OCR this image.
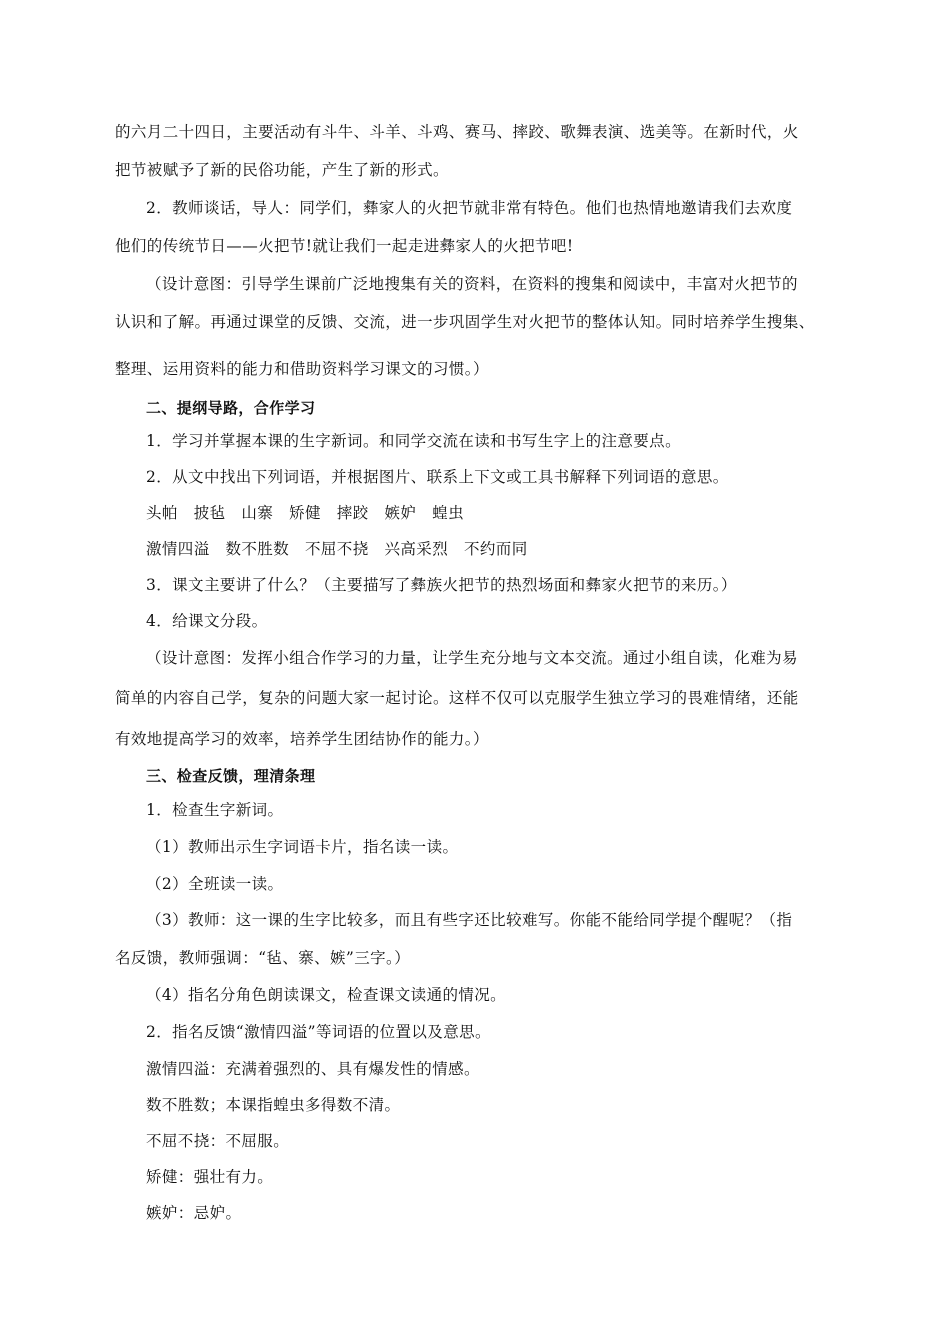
的六月二十四日，主要活动有斗牛、斗羊、斗鸡、赛马、摔跤、歌舞表演、选美等。在新时代，火
把节被赋予了新的民俗功能，产生了新的形式。
2．教师谈话，导人：同学们，彝家人的火把节就非常有特色。他们也热情地邀请我们去欢度
他们的传统节日——火把节!就让我们一起走进彝家人的火把节吧!
（设计意图：引导学生课前广泛地搜集有关的资料，在资料的搜集和阅读中，丰富对火把节的
认识和了解。再通过课堂的反馈、交流，进一步巩固学生对火把节的整体认知。同时培养学生搜集、
整理、运用资料的能力和借助资料学习课文的习惯。）
二、提纲导路，合作学习
1．学习并掌握本课的生字新词。和同学交流在读和书写生字上的注意要点。
2．从文中找出下列词语，并根据图片、联系上下文或工具书解释下列词语的意思。
头帕　披毡　山寨　矫健　摔跤　嫉妒　蝗虫
激情四溢　数不胜数　不屈不挠　兴高采烈　不约而同
3．课文主要讲了什么？（主要描写了彝族火把节的热烈场面和彝家火把节的来历。）
4．给课文分段。
（设计意图：发挥小组合作学习的力量，让学生充分地与文本交流。通过小组自读，化难为易
简单的内容自己学，复杂的问题大家一起讨论。这样不仅可以克服学生独立学习的畏难情绪，还能
有效地提高学习的效率，培养学生团结协作的能力。）
三、检查反馈，理清条理
1．检查生字新词。
（1）教师出示生字词语卡片，指名读一读。
（2）全班读一读。
（3）教师：这一课的生字比较多，而且有些字还比较难写。你能不能给同学提个醒呢？（指
名反馈，教师强调：“毡、寨、嫉”三字。）
（4）指名分角色朗读课文，检查课文读通的情况。
2．指名反馈“激情四溢”等词语的位置以及意思。
激情四溢：充满着强烈的、具有爆发性的情感。
数不胜数；本课指蝗虫多得数不清。
不屈不挠：不屈服。
矫健：强壮有力。
嫉妒：忌妒。
